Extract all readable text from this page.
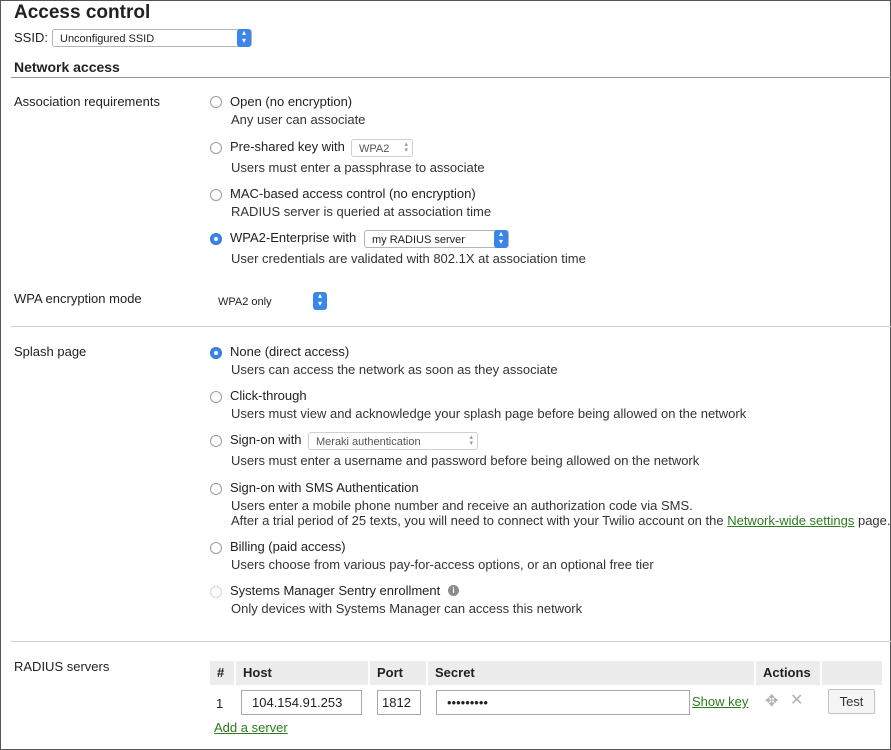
Access control
SSID:	Unconfigured SSID
▴
▾
Network access
Association requirements	Open (no encryption)
Any user can associate
Pre-shared key with	WPA2 ▴
▾
Users must enter a passphrase to associate
MAC-based access control (no encryption)
RADIUS server is queried at association time
WPA2-Enterprise with	my RADIUS server
▴
▾
User credentials are validated with 802.1X at association time
WPA encryption mode	WPA2 only
▴
▾
Splash page	None (direct access)
Users can access the network as soon as they associate
Click-through
Users must view and acknowledge your splash page before being allowed on the network
Sign-on with	Meraki authentication	▴
▾
Users must enter a username and password before being allowed on the network
Sign-on with SMS Authentication
Users enter a mobile phone number and receive an authorization code via SMS.
After a trial period of 25 texts, you will need to connect with your Twilio account on the Network-wide settings page.
Billing (paid access)
Users choose from various pay-for-access options, or an optional free tier
Systems Manager Sentry enrollment	i
Only devices with Systems Manager can access this network
RADIUS servers	#	Host	Port	Secret	Actions
1	104.154.91.253	1812	•••••••••	Show key ✥ ✕	Test
Add a server
